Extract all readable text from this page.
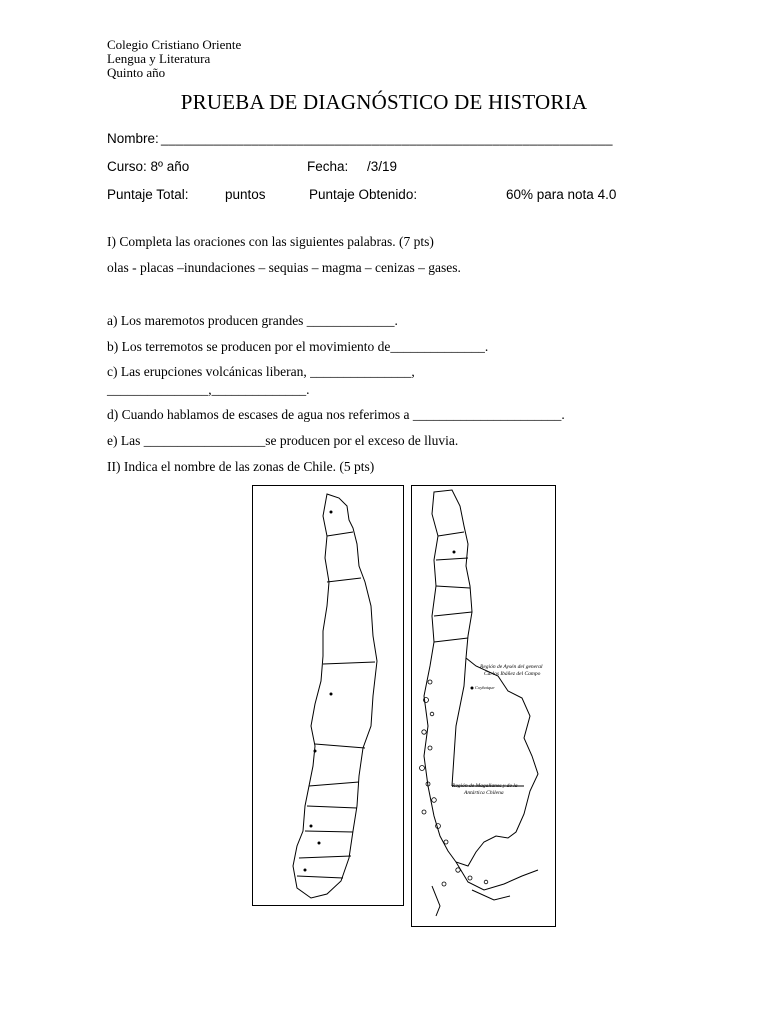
Colegio Cristiano Oriente
Lengua y Literatura
Quinto año
PRUEBA DE DIAGNÓSTICO DE HISTORIA
Nombre: ____________________________________________________________
Curso: 8º año	Fecha: /3/19
Puntaje Total:	puntos	Puntaje Obtenido:	60% para nota 4.0
I) Completa las oraciones con las siguientes palabras. (7 pts)
olas - placas –inundaciones – sequias – magma – cenizas – gases.
a) Los maremotos producen grandes _____________.
b) Los terremotos se producen por el movimiento de______________.
c) Las erupciones volcánicas liberan, _______________,
_______________,______________.
d) Cuando hablamos de escases de agua nos referimos a ______________________.
e) Las __________________se producen por el exceso de lluvia.
II) Indica el nombre de las zonas de Chile. (5 pts)
Región de Aysén del general
Carlos Ibáñez del Campo
Coyhaique
Región de Magallanes y de la
Antártica Chilena
